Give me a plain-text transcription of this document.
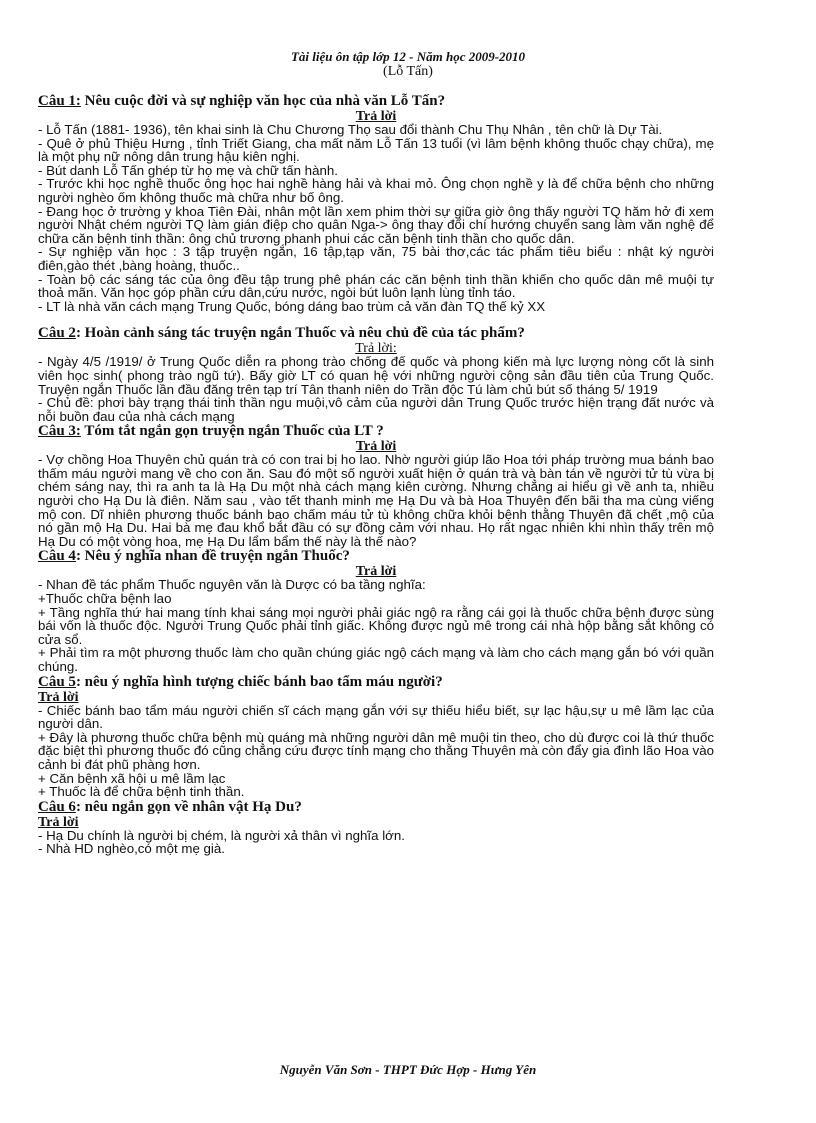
Tài liệu ôn tập lớp 12 - Năm học 2009-2010
(Lỗ Tấn)

Câu 1: Nêu cuộc đời và sự nghiệp văn học của nhà văn Lỗ Tấn?

Trả lời

- Lỗ Tấn (1881- 1936), tên khai sinh là Chu Chương Thọ sau đổi thành Chu Thụ Nhân , tên chữ là Dự Tài.

- Quê ở phủ Thiệu Hưng , tỉnh Triết Giang, cha mất năm Lỗ Tấn 13 tuổi (vì lâm bệnh không thuốc chạy chữa), mẹ là một phụ nữ nông dân trung hậu kiên nghị.

- Bút danh Lỗ Tấn ghép từ họ mẹ và chữ tấn hành.

- Trước khi học nghề thuốc ông học hai nghề hàng hải và khai mỏ. Ông chọn nghề y là để chữa bệnh cho những người nghèo ốm không thuốc mà chữa như bố ông.

- Đang học ở trường y khoa Tiên Đài, nhân một lần xem phim thời sự giữa giờ ông thấy người TQ hăm hở đi xem người Nhật chém người TQ làm gián điệp cho quân Nga-> ông thay đổi chí hướng chuyển sang làm văn nghệ để chữa căn bệnh tinh thần: ông chủ trương phanh phui các căn bệnh tinh thần cho quốc dân.

- Sự nghiệp văn học : 3 tập truyện ngắn, 16 tập,tạp văn, 75 bài thơ,các tác phẩm tiêu biểu : nhật ký người điên,gào thét ,bàng hoàng, thuốc..

- Toàn bộ các sáng tác của ông đều tập trung phê phán các căn bệnh tinh thần khiến cho quốc dân mê muội tự thoả mãn. Văn học góp phần cứu dân,cứu nước, ngòi bút luôn lạnh lùng tỉnh táo.

- LT là nhà văn cách mạng Trung Quốc, bóng dáng bao trùm cả văn đàn TQ thế kỷ XX

Câu 2: Hoàn cảnh sáng tác truyện ngắn Thuốc và nêu chủ đề của tác phẩm?

Trả lời:

- Ngày 4/5 /1919/ ở Trung Quốc diễn ra phong trào chống đế quốc và phong kiến mà lực lượng nòng cốt là sinh viên học sinh( phong trào ngũ tứ). Bấy giờ LT có quan hệ với những người cộng sản đầu tiên của Trung Quốc. Truyện ngắn Thuốc lần đầu đăng trên tạp trí Tân thanh niên do Trần độc Tú làm chủ bút số tháng 5/ 1919

- Chủ đề: phơi bày trạng thái tinh thần ngu muội,vô cảm của người dân Trung Quốc trước hiện trạng đất nước và nỗi buồn đau của nhà cách mạng

Câu 3: Tóm tắt ngắn gọn truyện ngắn Thuốc của LT ?

Trả lời

- Vợ chồng Hoa Thuyên chủ quán trà có con trai bị ho lao. Nhờ người giúp lão Hoa tới pháp trường mua bánh bao thấm máu người mang về cho con ăn. Sau đó một số người xuất hiện ở quán trà và bàn tán về người tử tù vừa bị chém sáng nay, thì ra anh ta là Hạ Du một nhà cách mạng kiên cường. Nhưng chẳng ai hiểu gì về anh ta, nhiều người cho Hạ Du là điên. Năm sau , vào tết thanh minh mẹ Hạ Du và bà Hoa Thuyên đến bãi tha ma cùng viếng mộ con. Dĩ nhiên phương thuốc bánh bao chấm máu tử tù không chữa khỏi bệnh thằng Thuyên đã chết ,mộ của nó gần mộ Hạ Du. Hai bà mẹ đau khổ bắt đầu có sự đồng cảm với nhau. Họ rất ngạc nhiên khi nhìn thấy trên mộ Hạ Du có một vòng hoa, mẹ Hạ Du lẩm bẩm thế này là thế nào?

Câu 4: Nêu ý nghĩa nhan đề truyện ngắn Thuốc?

Trả lời

- Nhan đề tác phẩm Thuốc nguyên văn là Dược có ba tầng nghĩa:

+Thuốc chữa bệnh lao

+ Tầng nghĩa thứ hai mang tính khai sáng mọi người phải giác ngộ ra rằng cái gọi là thuốc chữa bệnh được sùng bái vốn là thuốc độc. Người Trung Quốc phải tỉnh giấc. Không được ngủ mê trong cái nhà hộp bằng sắt không có cửa sổ.

+ Phải tìm ra một phương thuốc làm cho quần chúng giác ngộ cách mạng và làm cho cách mạng gắn bó với quần chúng.

Câu 5: nêu ý nghĩa hình tượng chiếc bánh bao tẩm máu người?

Trả lời

- Chiếc bánh bao tẩm máu người chiến sĩ cách mạng gắn với sự thiếu hiểu biết, sự lạc hậu,sự u mê lầm lạc của người dân.

+ Đây là phương thuốc chữa bệnh mù quáng mà những người dân mê muội tin theo, cho dù được coi là thứ thuốc đặc biệt thì phương thuốc đó cũng chẳng cứu được tính mạng cho thằng Thuyên mà còn đẩy gia đình lão Hoa vào cảnh bi đát phũ phàng hơn.

+ Căn bệnh xã hội u mê lầm lạc

+ Thuốc là để chữa bệnh tinh thần.

Câu 6: nêu ngắn gọn về nhân vật Hạ Du?

Trả lời

- Hạ Du chính là người bị chém, là người xả thân vì nghĩa lớn.

- Nhà HD nghèo,có một mẹ già.

Nguyễn Văn Sơn - THPT Đức Hợp - Hưng Yên
